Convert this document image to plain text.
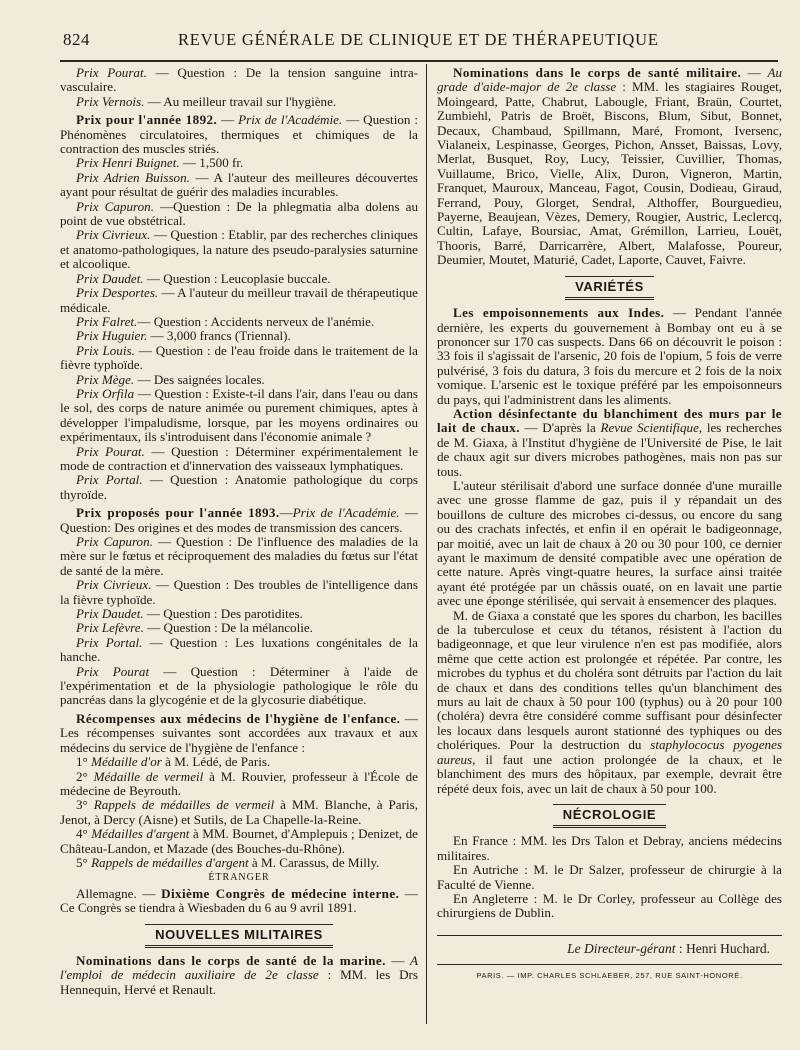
824	REVUE GÉNÉRALE DE CLINIQUE ET DE THÉRAPEUTIQUE

Prix Pourat. — Question : De la tension sanguine intra-vasculaire.

Prix Vernois. — Au meilleur travail sur l'hygiène.

Prix pour l'année 1892. — Prix de l'Académie. — Question : Phénomènes circulatoires, thermiques et chimiques de la contraction des muscles striés.

Prix Henri Buignet. — 1,500 fr.

Prix Adrien Buisson. — A l'auteur des meilleures découvertes ayant pour résultat de guérir des maladies incurables.

Prix Capuron. —Question : De la phlegmatia alba dolens au point de vue obstétrical.

Prix Civrieux. — Question : Etablir, par des recherches cliniques et anatomo-pathologiques, la nature des pseudo-paralysies saturnine et alcoolique.

Prix Daudet. — Question : Leucoplasie buccale.

Prix Desportes. — A l'auteur du meilleur travail de thérapeutique médicale.

Prix Falret.— Question : Accidents nerveux de l'anémie.

Prix Huguier. — 3,000 francs (Triennal).

Prix Louis. — Question : de l'eau froide dans le traitement de la fièvre typhoïde.

Prix Mège. — Des saignées locales.

Prix Orfila — Question : Existe-t-il dans l'air, dans l'eau ou dans le sol, des corps de nature animée ou purement chimiques, aptes à développer l'impaludisme, lorsque, par les moyens ordinaires ou expérimentaux, ils s'introduisent dans l'économie animale ?

Prix Pourat. — Question : Déterminer expérimentalement le mode de contraction et d'innervation des vaisseaux lymphatiques.

Prix Portal. — Question : Anatomie pathologique du corps thyroïde.

Prix proposés pour l'année 1893.—Prix de l'Académie. — Question: Des origines et des modes de transmission des cancers.

Prix Capuron. — Question : De l'influence des maladies de la mère sur le fœtus et réciproquement des maladies du fœtus sur l'état de santé de la mère.

Prix Civrieux. — Question : Des troubles de l'intelligence dans la fièvre typhoïde.

Prix Daudet. — Question : Des parotidites.

Prix Lefèvre. — Question : De la mélancolie.

Prix Portal. — Question : Les luxations congénitales de la hanche.

Prix Pourat — Question : Déterminer à l'aide de l'expérimentation et de la physiologie pathologique le rôle du pancréas dans la glycogénie et de la glycosurie diabétique.

Récompenses aux médecins de l'hygiène de l'enfance. — Les récompenses suivantes sont accordées aux travaux et aux médecins du service de l'hygiène de l'enfance :

1° Médaille d'or à M. Lédé, de Paris.

2° Médaille de vermeil à M. Rouvier, professeur à l'École de médecine de Beyrouth.

3° Rappels de médailles de vermeil à MM. Blanche, à Paris, Jenot, à Dercy (Aisne) et Sutils, de La Chapelle-la-Reine.

4° Médailles d'argent à MM. Bournet, d'Amplepuis ; Denizet, de Château-Landon, et Mazade (des Bouches-du-Rhône).

5° Rappels de médailles d'argent à M. Carassus, de Milly.

ÉTRANGER

Allemagne. — Dixième Congrès de médecine interne. — Ce Congrès se tiendra à Wiesbaden du 6 au 9 avril 1891.

NOUVELLES MILITAIRES

Nominations dans le corps de santé de la marine. — A l'emploi de médecin auxiliaire de 2e classe : MM. les Drs Hennequin, Hervé et Renault.

Nominations dans le corps de santé militaire. — Au grade d'aide-major de 2e classe : MM. les stagiaires Rouget, Moingeard, Patte, Chabrut, Labougle, Friant, Braün, Courtet, Zumbiehl, Patris de Broët, Biscons, Blum, Sibut, Bonnet, Decaux, Chambaud, Spillmann, Maré, Fromont, Iversenc, Vialaneix, Lespinasse, Georges, Pichon, Ansset, Baissas, Lovy, Merlat, Busquet, Roy, Lucy, Teissier, Cuvillier, Thomas, Vuillaume, Brico, Vielle, Alix, Duron, Vigneron, Martin, Franquet, Mauroux, Manceau, Fagot, Cousin, Dodieau, Giraud, Ferrand, Pouy, Glorget, Sendral, Althoffer, Bourguedieu, Payerne, Beaujean, Vèzes, Demery, Rougier, Austric, Leclercq, Cultin, Lafaye, Boursiac, Amat, Grémillon, Larrieu, Louët, Thooris, Barré, Darricarrère, Albert, Malafosse, Poureur, Deumier, Moutet, Maturié, Cadet, Laporte, Cauvet, Faivre.

VARIÉTÉS

Les empoisonnements aux Indes. — Pendant l'année dernière, les experts du gouvernement à Bombay ont eu à se prononcer sur 170 cas suspects. Dans 66 on découvrit le poison : 33 fois il s'agissait de l'arsenic, 20 fois de l'opium, 5 fois de verre pulvérisé, 3 fois du datura, 3 fois du mercure et 2 fois de la noix vomique. L'arsenic est le toxique préféré par les empoisonneurs du pays, qui l'administrent dans les aliments.

Action désinfectante du blanchiment des murs par le lait de chaux. — D'après la Revue Scientifique, les recherches de M. Giaxa, à l'Institut d'hygiène de l'Université de Pise, le lait de chaux agit sur divers microbes pathogènes, mais non pas sur tous.

L'auteur stérilisait d'abord une surface donnée d'une muraille avec une grosse flamme de gaz, puis il y répandait un des bouillons de culture des microbes ci-dessus, ou encore du sang ou des crachats infectés, et enfin il en opérait le badigeonnage, par moitié, avec un lait de chaux à 20 ou 30 pour 100, ce dernier ayant le maximum de densité compatible avec une opération de cette nature. Après vingt-quatre heures, la surface ainsi traitée ayant été protégée par un châssis ouaté, on en lavait une partie avec une éponge stérilisée, qui servait à ensemencer des plaques.

M. de Giaxa a constaté que les spores du charbon, les bacilles de la tuberculose et ceux du tétanos, résistent à l'action du badigeonnage, et que leur virulence n'en est pas modifiée, alors même que cette action est prolongée et répétée. Par contre, les microbes du typhus et du choléra sont détruits par l'action du lait de chaux et dans des conditions telles qu'un blanchiment des murs au lait de chaux à 50 pour 100 (typhus) ou à 20 pour 100 (choléra) devra être considéré comme suffisant pour désinfecter les locaux dans lesquels auront stationné des typhiques ou des cholériques. Pour la destruction du staphylococus pyogenes aureus, il faut une action prolongée de la chaux, et le blanchiment des murs des hôpitaux, par exemple, devrait être répété deux fois, avec un lait de chaux à 50 pour 100.

NÉCROLOGIE

En France : MM. les Drs Talon et Debray, anciens médecins militaires.

En Autriche : M. le Dr Salzer, professeur de chirurgie à la Faculté de Vienne.

En Angleterre : M. le Dr Corley, professeur au Collège des chirurgiens de Dublin.

Le Directeur-gérant : Henri Huchard.
PARIS. — IMP. CHARLES SCHLAEBER, 257, RUE SAINT-HONORÉ.
